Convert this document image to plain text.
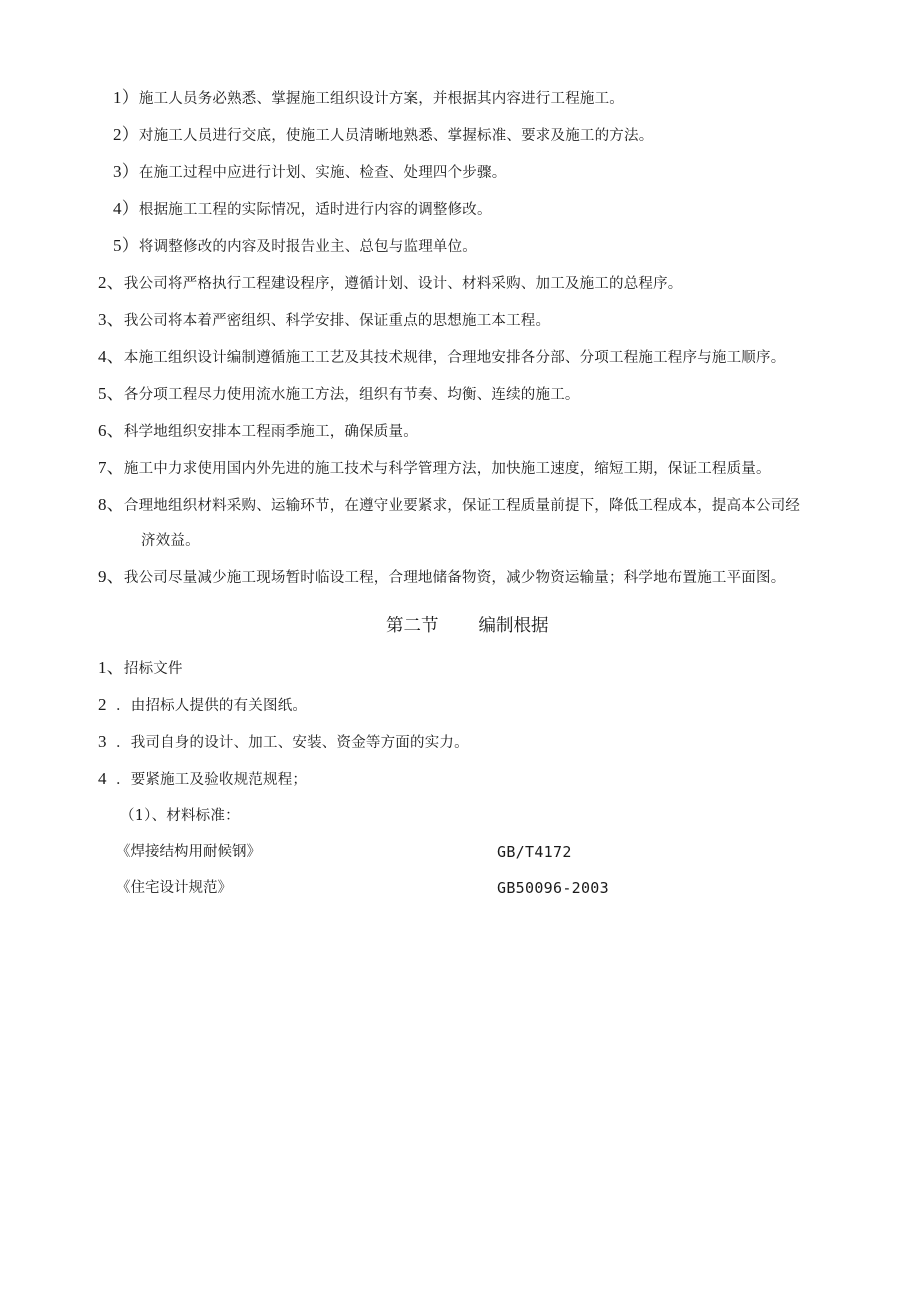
1）施工人员务必熟悉、掌握施工组织设计方案，并根据其内容进行工程施工。
2）对施工人员进行交底，使施工人员清晰地熟悉、掌握标准、要求及施工的方法。
3）在施工过程中应进行计划、实施、检查、处理四个步骤。
4）根据施工工程的实际情况，适时进行内容的调整修改。
5）将调整修改的内容及时报告业主、总包与监理单位。
2、我公司将严格执行工程建设程序，遵循计划、设计、材料采购、加工及施工的总程序。
3、我公司将本着严密组织、科学安排、保证重点的思想施工本工程。
4、本施工组织设计编制遵循施工工艺及其技术规律，合理地安排各分部、分项工程施工程序与施工顺序。
5、各分项工程尽力使用流水施工方法，组织有节奏、均衡、连续的施工。
6、科学地组织安排本工程雨季施工，确保质量。
7、施工中力求使用国内外先进的施工技术与科学管理方法，加快施工速度，缩短工期，保证工程质量。
8、合理地组织材料采购、运输环节，在遵守业要紧求，保证工程质量前提下，降低工程成本，提高本公司经
济效益。
9、我公司尽量减少施工现场暂时临设工程，合理地储备物资，减少物资运输量；科学地布置施工平面图。
第二节 编制根据
1、招标文件
2 ．由招标人提供的有关图纸。
3 ．我司自身的设计、加工、安装、资金等方面的实力。
4 ．要紧施工及验收规范规程；
（1）、材料标准：
《焊接结构用耐候钢》	GB/T4172
《住宅设计规范》	GB50096-2003
